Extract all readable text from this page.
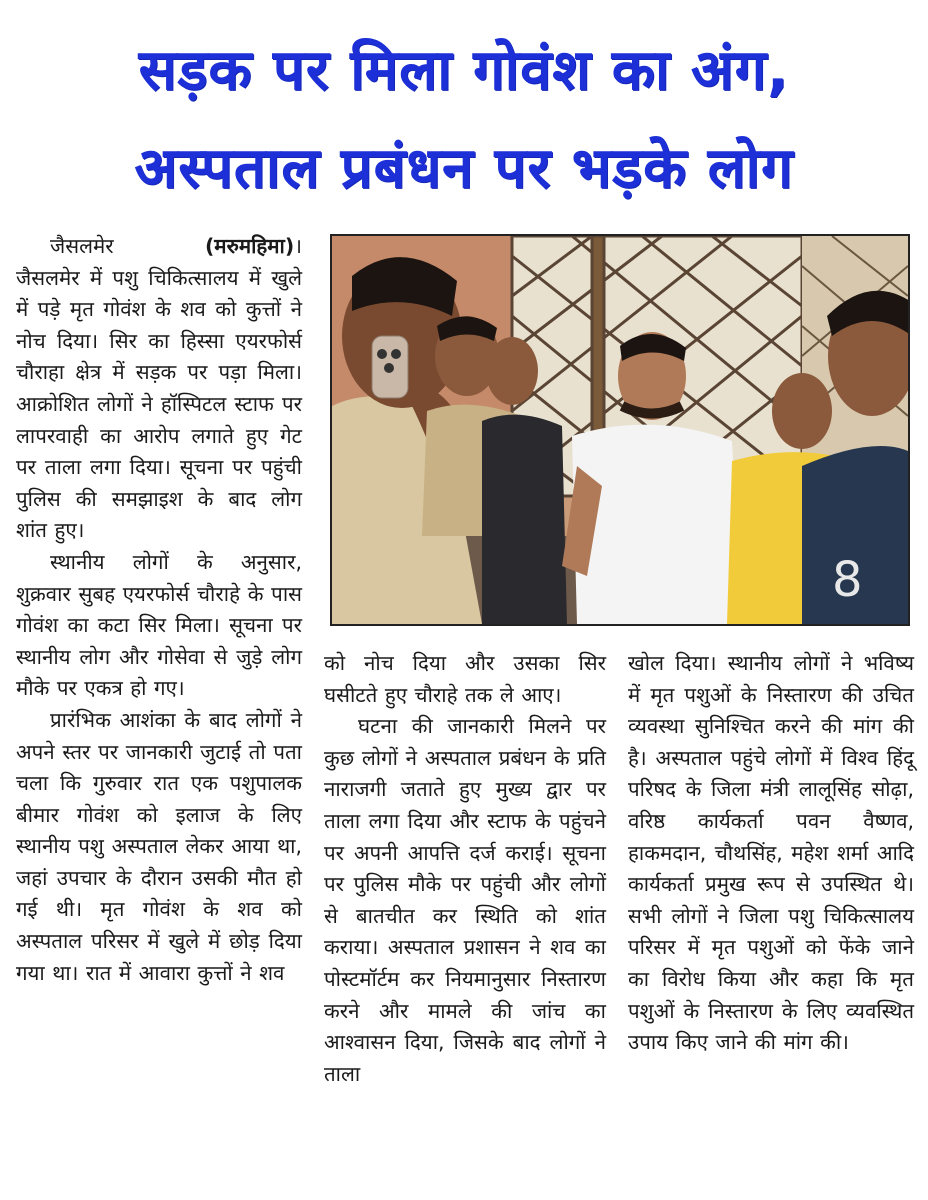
सड़क पर मिला गोवंश का अंग,
अस्पताल प्रबंधन पर भड़के लोग

जैसलमेर	(मरुमहिमा)। जैसलमेर में पशु चिकित्सालय में खुले में पड़े मृत गोवंश के शव को कुत्तों ने नोच दिया। सिर का हिस्सा एयरफोर्स चौराहा क्षेत्र में सड़क पर पड़ा मिला। आक्रोशित लोगों ने हॉस्पिटल स्टाफ पर लापरवाही का आरोप लगाते हुए गेट पर ताला लगा दिया। सूचना पर पहुंची पुलिस की समझाइश के बाद लोग शांत हुए।

स्थानीय लोगों के अनुसार, शुक्रवार सुबह एयरफोर्स चौराहे के पास गोवंश का कटा सिर मिला। सूचना पर स्थानीय लोग और गोसेवा से जुड़े लोग मौके पर एकत्र हो गए।

प्रारंभिक आशंका के बाद लोगों ने अपने स्तर पर जानकारी जुटाई तो पता चला कि गुरुवार रात एक पशुपालक बीमार गोवंश को इलाज के लिए स्थानीय पशु अस्पताल लेकर आया था, जहां उपचार के दौरान उसकी मौत हो गई थी। मृत गोवंश के शव को अस्पताल परिसर में खुले में छोड़ दिया गया था। रात में आवारा कुत्तों ने शव

8

को नोच दिया और उसका सिर घसीटते हुए चौराहे तक ले आए।

घटना की जानकारी मिलने पर कुछ लोगों ने अस्पताल प्रबंधन के प्रति नाराजगी जताते हुए मुख्य द्वार पर ताला लगा दिया और स्टाफ के पहुंचने पर अपनी आपत्ति दर्ज कराई। सूचना पर पुलिस मौके पर पहुंची और लोगों से बातचीत कर स्थिति को शांत कराया। अस्पताल प्रशासन ने शव का पोस्टमॉर्टम कर नियमानुसार निस्तारण करने और मामले की जांच का आश्वासन दिया, जिसके बाद लोगों ने ताला

खोल दिया। स्थानीय लोगों ने भविष्य में मृत पशुओं के निस्तारण की उचित व्यवस्था सुनिश्चित करने की मांग की है। अस्पताल पहुंचे लोगों में विश्व हिंदू परिषद के जिला मंत्री लालूसिंह सोढ़ा, वरिष्ठ कार्यकर्ता पवन वैष्णव, हाकमदान, चौथसिंह, महेश शर्मा आदि कार्यकर्ता प्रमुख रूप से उपस्थित थे। सभी लोगों ने जिला पशु चिकित्सालय परिसर में मृत पशुओं को फेंके जाने का विरोध किया और कहा कि मृत पशुओं के निस्तारण के लिए व्यवस्थित उपाय किए जाने की मांग की।
